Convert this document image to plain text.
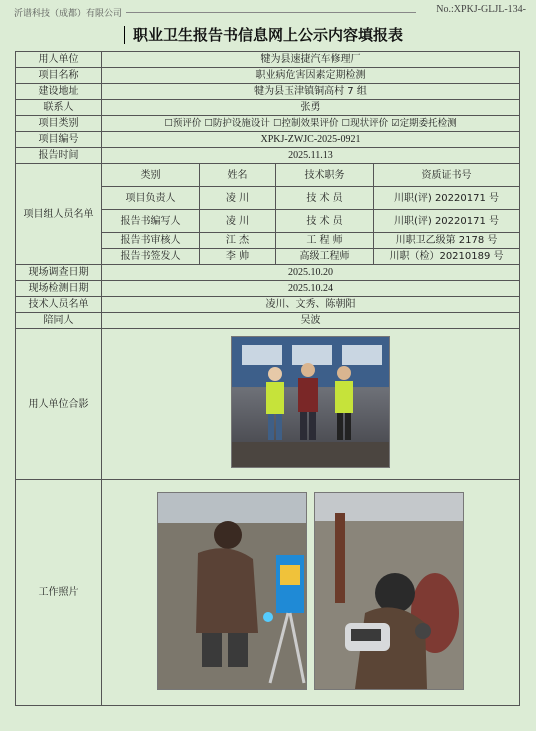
沂谱科技（成都）有限公司	No.:XPKJ-GLJL-134-
职业卫生报告书信息网上公示内容填报表
用人单位	犍为县速捷汽车修理厂			
项目名称	职业病危害因素定期检测			
建设地址	犍为县玉津镇铜高村 7 组			
联系人	张勇			
项目类别	☐预评价 ☐防护设施设计 ☐控制效果评价 ☐现状评价 ☑定期委托检测			
项目编号	XPKJ-ZWJC-2025-0921			
报告时间	2025.11.13			
项目组人员名单	类别	姓名	技术职务	资质证书号
	项目负责人	凌 川	技 术 员	川职(评) 20220171 号
	报告书编写人	凌 川	技 术 员	川职(评) 20220171 号
	报告书审核人	江 杰	工 程 师	川职卫乙级第 2178 号
	报告书签发人	李 帅	高级工程师	川职（检）20210189 号
现场调查日期	2025.10.20			
现场检测日期	2025.10.24			
技术人员名单	凌川、文秀、陈朝阳			
陪同人	吴波			
用人单位合影	
工作照片	
